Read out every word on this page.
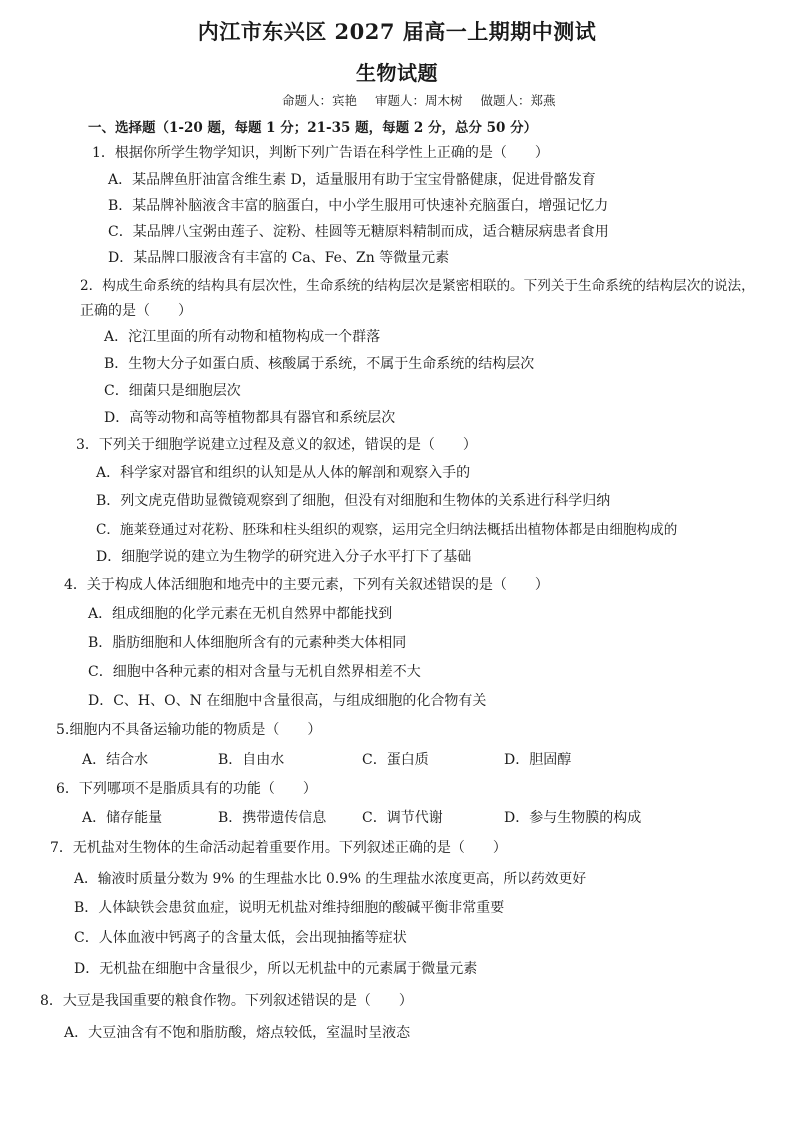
内江市东兴区 2027 届高一上期期中测试
生物试题
命题人：宾艳 审题人：周木树 做题人：郑燕
一、选择题（1-20 题，每题 1 分；21-35 题，每题 2 分，总分 50 分）
1．根据你所学生物学知识，判断下列广告语在科学性上正确的是（　　）
A．某品牌鱼肝油富含维生素 D，适量服用有助于宝宝骨骼健康，促进骨骼发育
B．某品牌补脑液含丰富的脑蛋白，中小学生服用可快速补充脑蛋白，增强记忆力
C．某品牌八宝粥由莲子、淀粉、桂圆等无糖原料精制而成，适合糖尿病患者食用
D．某品牌口服液含有丰富的 Ca、Fe、Zn 等微量元素
2．构成生命系统的结构具有层次性，生命系统的结构层次是紧密相联的。下列关于生命系统的结构层次的说法，
正确的是（　　）
A．沱江里面的所有动物和植物构成一个群落
B．生物大分子如蛋白质、核酸属于系统，不属于生命系统的结构层次
C．细菌只是细胞层次
D．高等动物和高等植物都具有器官和系统层次
3．下列关于细胞学说建立过程及意义的叙述，错误的是（　　）
A．科学家对器官和组织的认知是从人体的解剖和观察入手的
B．列文虎克借助显微镜观察到了细胞，但没有对细胞和生物体的关系进行科学归纳
C．施莱登通过对花粉、胚珠和柱头组织的观察，运用完全归纳法概括出植物体都是由细胞构成的
D．细胞学说的建立为生物学的研究进入分子水平打下了基础
4．关于构成人体活细胞和地壳中的主要元素，下列有关叙述错误的是（　　）
A．组成细胞的化学元素在无机自然界中都能找到
B．脂肪细胞和人体细胞所含有的元素种类大体相同
C．细胞中各种元素的相对含量与无机自然界相差不大
D．C、H、O、N 在细胞中含量很高，与组成细胞的化合物有关
5.细胞内不具备运输功能的物质是（　　）
A．结合水	B．自由水	C．蛋白质	D．胆固醇
6．下列哪项不是脂质具有的功能（　　）
A．储存能量	B．携带遗传信息	C．调节代谢	D．参与生物膜的构成
7．无机盐对生物体的生命活动起着重要作用。下列叙述正确的是（　　）
A．输液时质量分数为 9% 的生理盐水比 0.9% 的生理盐水浓度更高，所以药效更好
B．人体缺铁会患贫血症，说明无机盐对维持细胞的酸碱平衡非常重要
C．人体血液中钙离子的含量太低，会出现抽搐等症状
D．无机盐在细胞中含量很少，所以无机盐中的元素属于微量元素
8．大豆是我国重要的粮食作物。下列叙述错误的是（　　）
A．大豆油含有不饱和脂肪酸，熔点较低，室温时呈液态
